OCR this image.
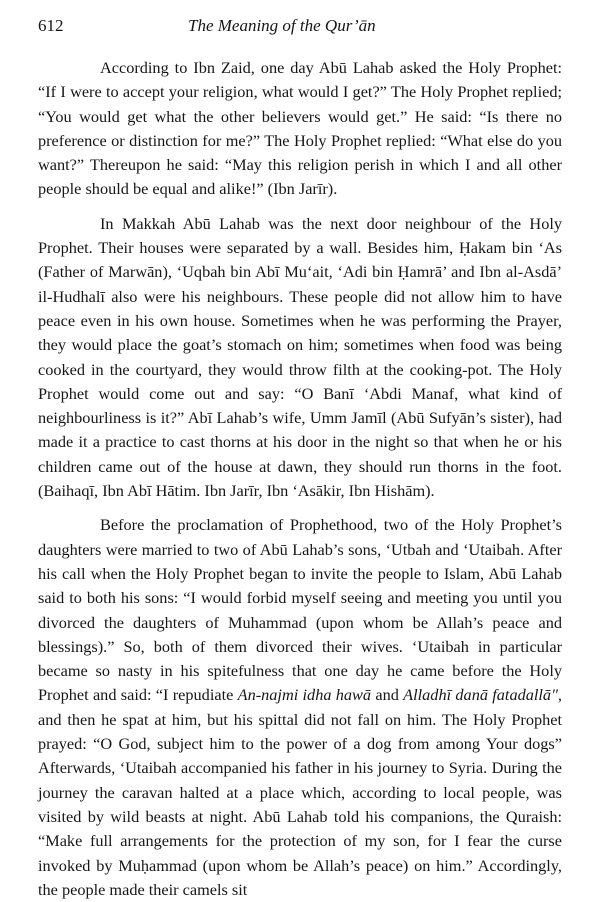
612	The Meaning of the Qur’ān

According to Ibn Zaid, one day Abū Lahab asked the Holy Prophet: “If I were to accept your religion, what would I get?” The Holy Prophet replied; “You would get what the other believers would get.” He said: “Is there no preference or distinction for me?” The Holy Prophet replied: “What else do you want?” Thereupon he said: “May this religion perish in which I and all other people should be equal and alike!” (Ibn Jarīr).

In Makkah Abū Lahab was the next door neighbour of the Holy Prophet. Their houses were separated by a wall. Besides him, Ḥakam bin ‘As (Father of Marwān), ‘Uqbah bin Abī Mu‘ait, ‘Adi bin Ḥamrā’ and Ibn al-Asdā’ il-Hudhalī also were his neighbours. These people did not allow him to have peace even in his own house. Sometimes when he was performing the Prayer, they would place the goat’s stomach on him; sometimes when food was being cooked in the courtyard, they would throw filth at the cooking-pot. The Holy Prophet would come out and say: “O Banī ‘Abdi Manaf, what kind of neighbourliness is it?” Abī Lahab’s wife, Umm Jamīl (Abū Sufyān’s sister), had made it a practice to cast thorns at his door in the night so that when he or his children came out of the house at dawn, they should run thorns in the foot. (Baihaqī, Ibn Abī Hātim. Ibn Jarīr, Ibn ‘Asākir, Ibn Hishām).

Before the proclamation of Prophethood, two of the Holy Prophet’s daughters were married to two of Abū Lahab’s sons, ‘Utbah and ‘Utaibah. After his call when the Holy Prophet began to invite the people to Islam, Abū Lahab said to both his sons: “I would forbid myself seeing and meeting you until you divorced the daughters of Muhammad (upon whom be Allah’s peace and blessings).” So, both of them divorced their wives. ‘Utaibah in particular became so nasty in his spitefulness that one day he came before the Holy Prophet and said: “I repudiate An-najmi idha hawā and Alladhī danā fatadallā", and then he spat at him, but his spittal did not fall on him. The Holy Prophet prayed: “O God, subject him to the power of a dog from among Your dogs” Afterwards, ‘Utaibah accompanied his father in his journey to Syria. During the journey the caravan halted at a place which, according to local people, was visited by wild beasts at night. Abū Lahab told his companions, the Quraish: “Make full arrangements for the protection of my son, for I fear the curse invoked by Muḥammad (upon whom be Allah’s peace) on him.” Accordingly, the people made their camels sit
